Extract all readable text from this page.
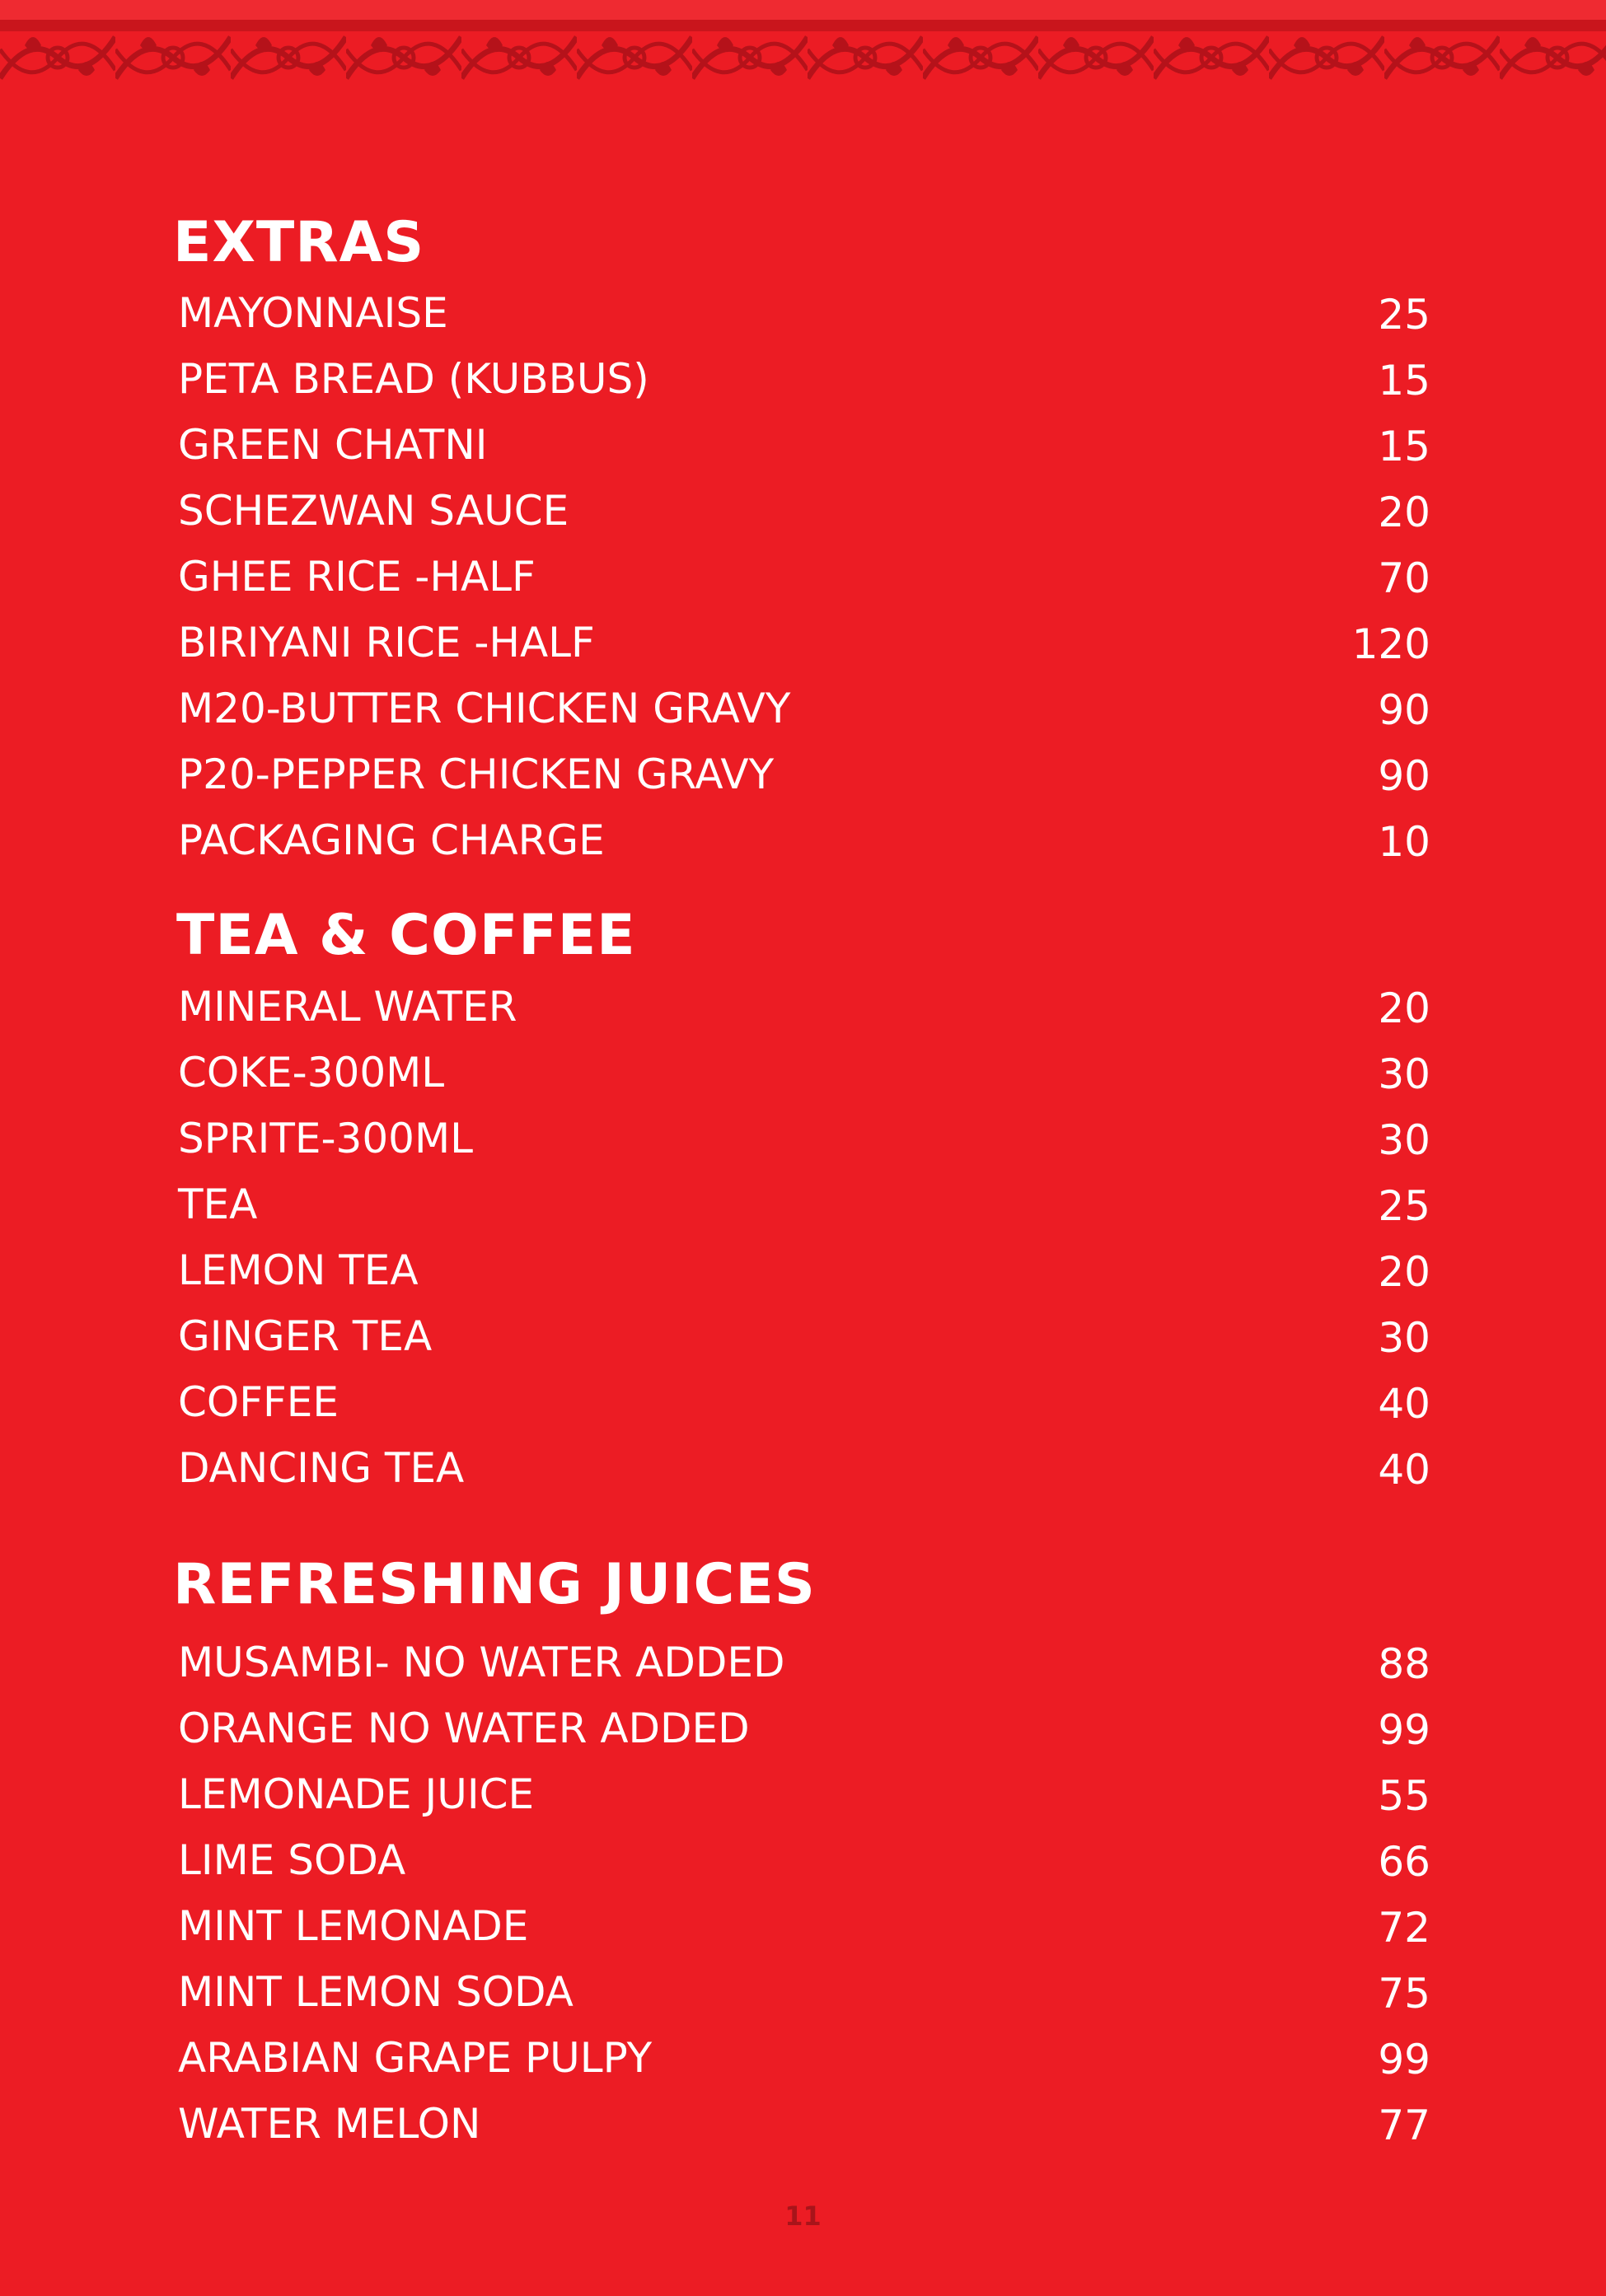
EXTRAS
MAYONNAISE	25
PETA BREAD (KUBBUS)	15
GREEN CHATNI	15
SCHEZWAN SAUCE	20
GHEE RICE -HALF	70
BIRIYANI RICE -HALF	120
M20-BUTTER CHICKEN GRAVY	90
P20-PEPPER CHICKEN GRAVY	90
PACKAGING CHARGE	10
TEA & COFFEE
MINERAL WATER	20
COKE-300ML	30
SPRITE-300ML	30
TEA	25
LEMON TEA	20
GINGER TEA	30
COFFEE	40
DANCING TEA	40
REFRESHING JUICES
MUSAMBI- NO WATER ADDED	88
ORANGE NO WATER ADDED	99
LEMONADE JUICE	55
LIME SODA	66
MINT LEMONADE	72
MINT LEMON SODA	75
ARABIAN GRAPE PULPY	99
WATER MELON	77
11
